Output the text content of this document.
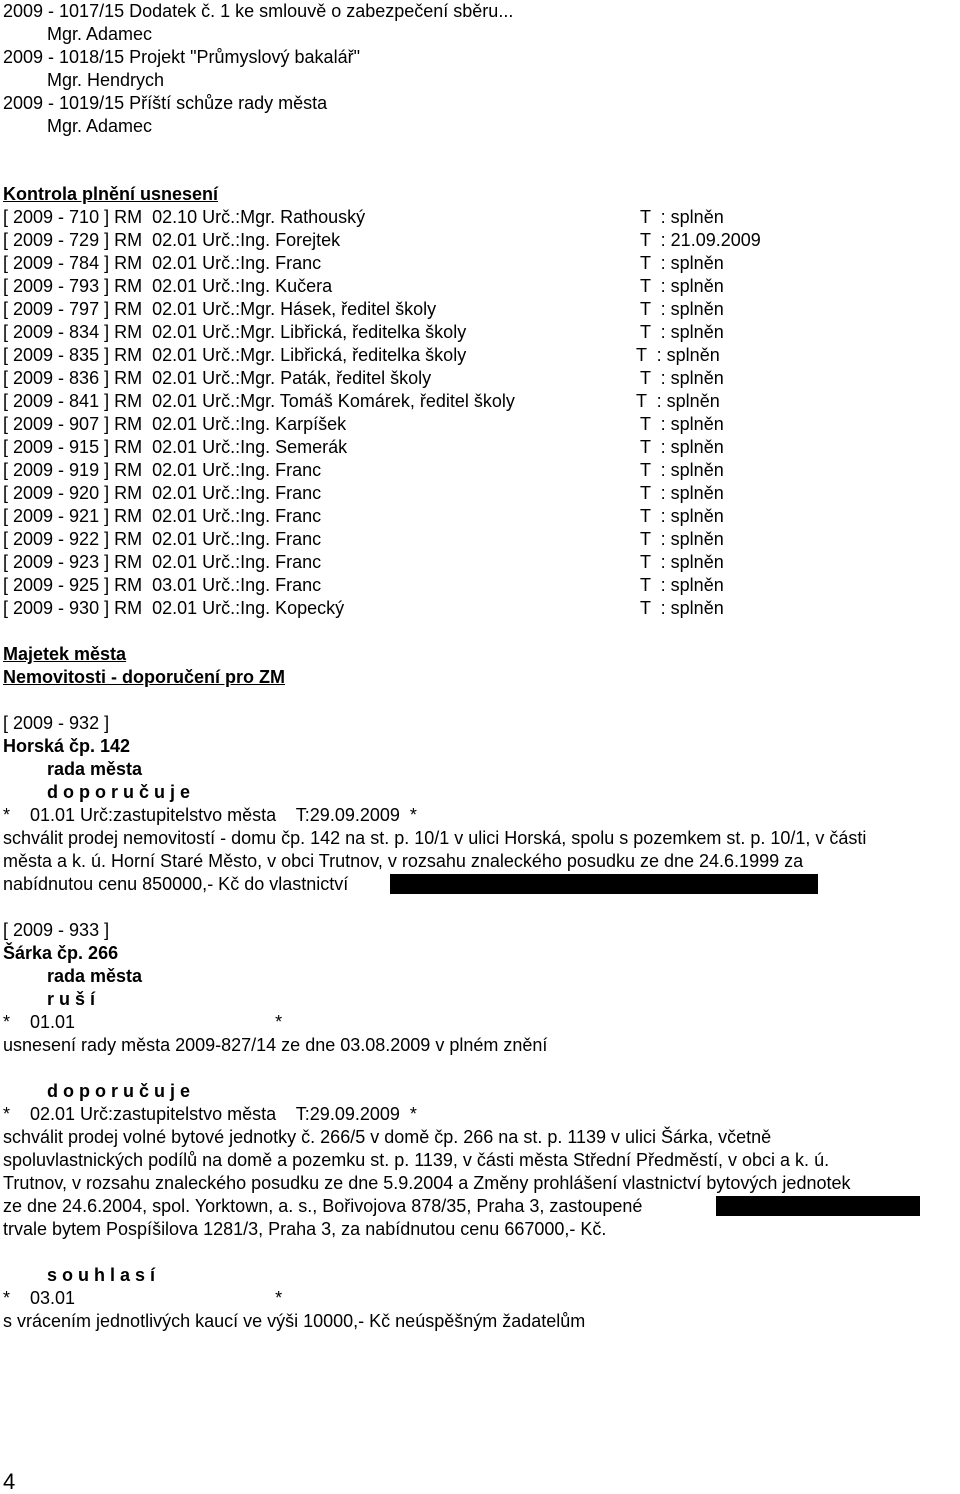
2009 - 1017/15 Dodatek č. 1 ke smlouvě o zabezpečení sběru...
Mgr. Adamec
2009 - 1018/15 Projekt "Průmyslový bakalář"
Mgr. Hendrych
2009 - 1019/15 Příští schůze rady města
Mgr. Adamec
Kontrola plnění usnesení
[ 2009 - 710 ] RM  02.10 Urč.:Mgr. Rathouský	T  : splněn
[ 2009 - 729 ] RM  02.01 Urč.:Ing. Forejtek	T  : 21.09.2009
[ 2009 - 784 ] RM  02.01 Urč.:Ing. Franc	T  : splněn
[ 2009 - 793 ] RM  02.01 Urč.:Ing. Kučera	T  : splněn
[ 2009 - 797 ] RM  02.01 Urč.:Mgr. Hásek, ředitel školy	T  : splněn
[ 2009 - 834 ] RM  02.01 Urč.:Mgr. Libřická, ředitelka školy	T  : splněn
[ 2009 - 835 ] RM  02.01 Urč.:Mgr. Libřická, ředitelka školy	T  : splněn
[ 2009 - 836 ] RM  02.01 Urč.:Mgr. Paták, ředitel školy	T  : splněn
[ 2009 - 841 ] RM  02.01 Urč.:Mgr. Tomáš Komárek, ředitel školy	T  : splněn
[ 2009 - 907 ] RM  02.01 Urč.:Ing. Karpíšek	T  : splněn
[ 2009 - 915 ] RM  02.01 Urč.:Ing. Semerák	T  : splněn
[ 2009 - 919 ] RM  02.01 Urč.:Ing. Franc	T  : splněn
[ 2009 - 920 ] RM  02.01 Urč.:Ing. Franc	T  : splněn
[ 2009 - 921 ] RM  02.01 Urč.:Ing. Franc	T  : splněn
[ 2009 - 922 ] RM  02.01 Urč.:Ing. Franc	T  : splněn
[ 2009 - 923 ] RM  02.01 Urč.:Ing. Franc	T  : splněn
[ 2009 - 925 ] RM  03.01 Urč.:Ing. Franc	T  : splněn
[ 2009 - 930 ] RM  02.01 Urč.:Ing. Kopecký	T  : splněn
Majetek města
Nemovitosti - doporučení pro ZM
[ 2009 - 932 ]
Horská čp. 142
rada města
d o p o r u č u j e
*    01.01 Urč:zastupitelstvo města    T:29.09.2009  *
schválit prodej nemovitostí - domu čp. 142 na st. p. 10/1 v ulici Horská, spolu s pozemkem st. p. 10/1, v části
města a k. ú. Horní Staré Město, v obci Trutnov, v rozsahu znaleckého posudku ze dne 24.6.1999 za
nabídnutou cenu 850000,- Kč do vlastnictví
[ 2009 - 933 ]
Šárka čp. 266
rada města
r u š í
*    01.01                                        *
usnesení rady města 2009-827/14 ze dne 03.08.2009 v plném znění
d o p o r u č u j e
*    02.01 Urč:zastupitelstvo města    T:29.09.2009  *
schválit prodej volné bytové jednotky č. 266/5 v domě čp. 266 na st. p. 1139 v ulici Šárka, včetně
spoluvlastnických podílů na domě a pozemku st. p. 1139, v části města Střední Předměstí, v obci a k. ú.
Trutnov, v rozsahu znaleckého posudku ze dne 5.9.2004 a Změny prohlášení vlastnictví bytových jednotek
ze dne 24.6.2004, spol. Yorktown, a. s., Bořivojova 878/35, Praha 3, zastoupené
trvale bytem Pospíšilova 1281/3, Praha 3, za nabídnutou cenu 667000,- Kč.
s o u h l a s í
*    03.01                                        *
s vrácením jednotlivých kaucí ve výši 10000,- Kč neúspěšným žadatelům
4
